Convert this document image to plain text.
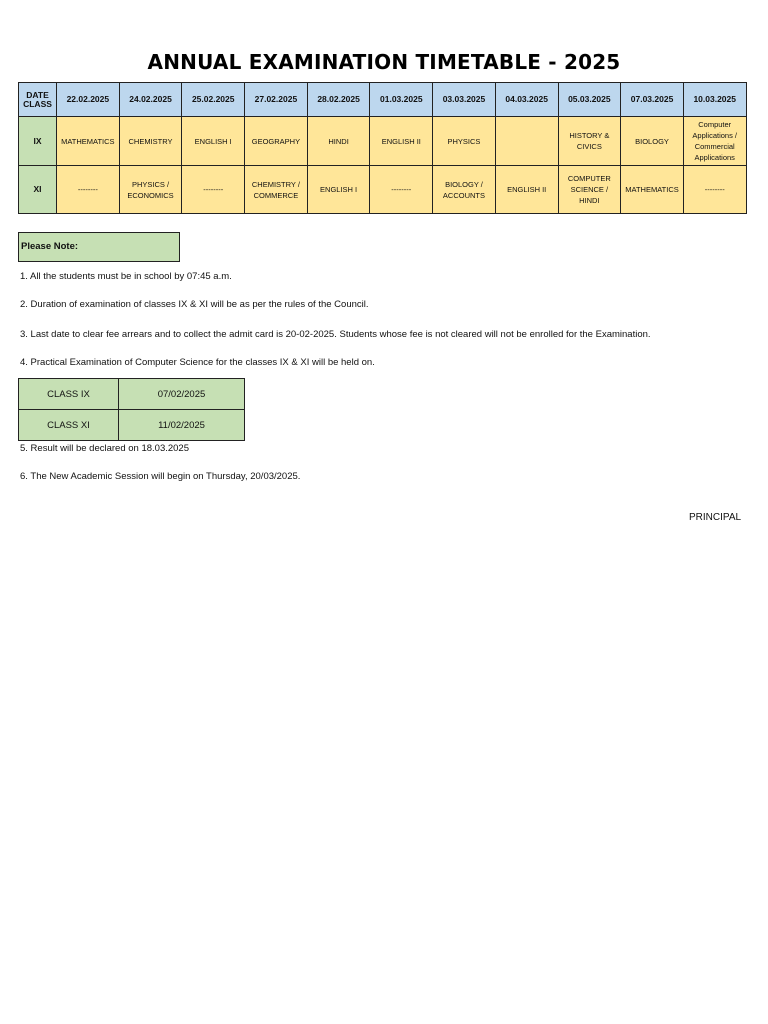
ANNUAL EXAMINATION TIMETABLE - 2025
DATE
CLASS	22.02.2025	24.02.2025	25.02.2025	27.02.2025	28.02.2025	01.03.2025	03.03.2025	04.03.2025	05.03.2025	07.03.2025	10.03.2025
IX	MATHEMATICS	CHEMISTRY	ENGLISH I	GEOGRAPHY	HINDI	ENGLISH II	PHYSICS		HISTORY & CIVICS	BIOLOGY	Computer Applications / Commercial Applications
XI	--------	PHYSICS / ECONOMICS	--------	CHEMISTRY / COMMERCE	ENGLISH I	--------	BIOLOGY / ACCOUNTS	ENGLISH II	COMPUTER SCIENCE / HINDI	MATHEMATICS	--------
Please Note:
1. All the students must be in school by 07:45 a.m.
2. Duration of examination of classes IX & XI will be as per the rules of the Council.
3. Last date to clear fee arrears and to collect the admit card is 20-02-2025. Students whose fee is not cleared will not be enrolled for the Examination.
4. Practical Examination of Computer Science for the classes IX & XI will be held on.
CLASS IX	07/02/2025
CLASS XI	11/02/2025
5. Result will be declared on 18.03.2025
6. The New Academic Session will begin on Thursday, 20/03/2025.
PRINCIPAL
